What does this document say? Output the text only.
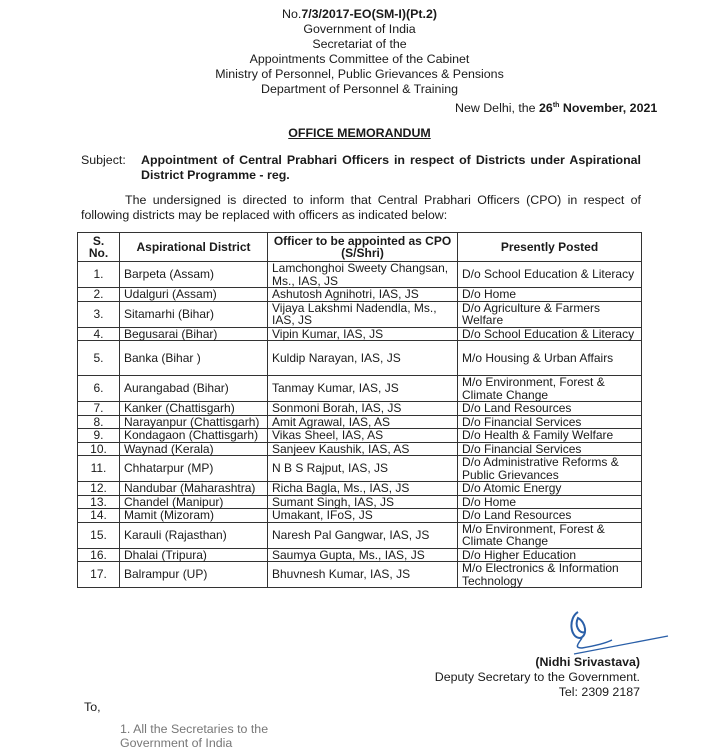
No.7/3/2017-EO(SM-I)(Pt.2)
Government of India
Secretariat of the
Appointments Committee of the Cabinet
Ministry of Personnel, Public Grievances & Pensions
Department of Personnel & Training
New Delhi, the 26th November, 2021
OFFICE MEMORANDUM
Subject: Appointment of Central Prabhari Officers in respect of Districts under Aspirational District Programme - reg.
The undersigned is directed to inform that Central Prabhari Officers (CPO) in respect of following districts may be replaced with officers as indicated below:
S. No.	Aspirational District	Officer to be appointed as CPO (S/Shri)	Presently Posted
1.	Barpeta (Assam)	Lamchonghoi Sweety Changsan, Ms., IAS, JS	D/o School Education & Literacy
2.	Udalguri (Assam)	Ashutosh Agnihotri, IAS, JS	D/o Home
3.	Sitamarhi (Bihar)	Vijaya Lakshmi Nadendla, Ms., IAS, JS	D/o Agriculture & Farmers Welfare
4.	Begusarai (Bihar)	Vipin Kumar, IAS, JS	D/o School Education & Literacy
5.	Banka (Bihar )	Kuldip Narayan, IAS, JS	M/o Housing & Urban Affairs
6.	Aurangabad (Bihar)	Tanmay Kumar, IAS, JS	M/o Environment, Forest & Climate Change
7.	Kanker (Chattisgarh)	Sonmoni Borah, IAS, JS	D/o Land Resources
8.	Narayanpur (Chattisgarh)	Amit Agrawal, IAS, AS	D/o Financial Services
9.	Kondagaon (Chattisgarh)	Vikas Sheel, IAS, AS	D/o Health & Family Welfare
10.	Waynad (Kerala)	Sanjeev Kaushik, IAS, AS	D/o Financial Services
11.	Chhatarpur (MP)	N B S Rajput, IAS, JS	D/o Administrative Reforms & Public Grievances
12.	Nandubar (Maharashtra)	Richa Bagla, Ms., IAS, JS	D/o Atomic Energy
13.	Chandel (Manipur)	Sumant Singh, IAS, JS	D/o Home
14.	Mamit (Mizoram)	Umakant, IFoS, JS	D/o Land Resources
15.	Karauli (Rajasthan)	Naresh Pal Gangwar, IAS, JS	M/o Environment, Forest & Climate Change
16.	Dhalai (Tripura)	Saumya Gupta, Ms., IAS, JS	D/o Higher Education
17.	Balrampur (UP)	Bhuvnesh Kumar, IAS, JS	M/o Electronics & Information Technology
(Nidhi Srivastava)
Deputy Secretary to the Government.
Tel: 2309 2187
To,
1. All the Secretaries to the Government of India
